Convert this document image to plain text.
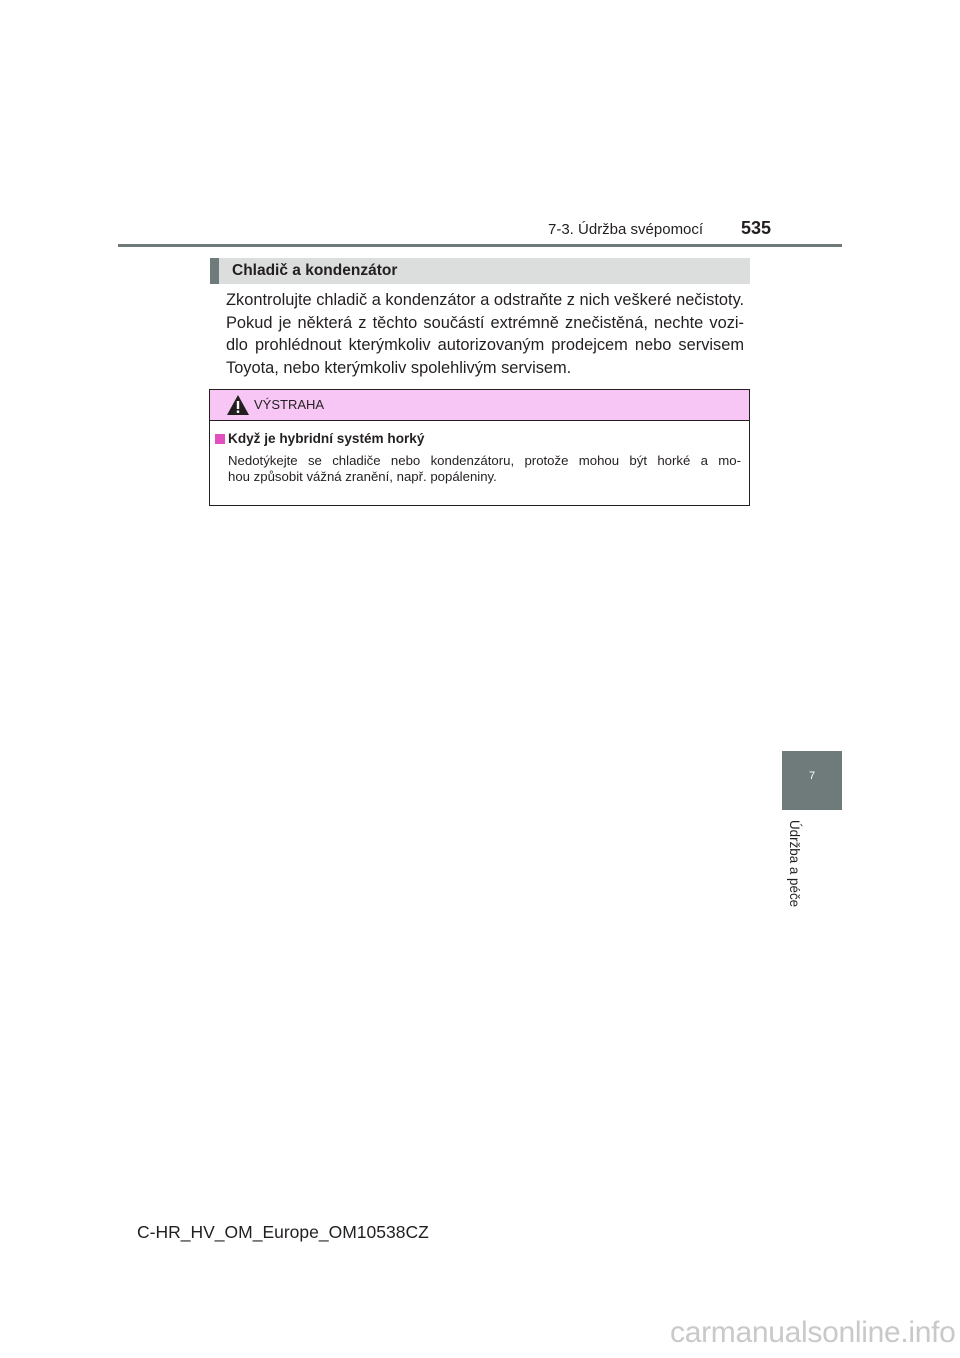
7-3. Údržba svépomocí 535
Chladič a kondenzátor
Zkontrolujte chladič a kondenzátor a odstraňte z nich veškeré nečistoty.
Pokud je některá z těchto součástí extrémně znečistěná, nechte vozi-
dlo prohlédnout kterýmkoliv autorizovaným prodejcem nebo servisem
Toyota, nebo kterýmkoliv spolehlivým servisem.
VÝSTRAHA
Když je hybridní systém horký
Nedotýkejte se chladiče nebo kondenzátoru, protože mohou být horké a mo-
hou způsobit vážná zranění, např. popáleniny.
7
Údržba a péče
C-HR_HV_OM_Europe_OM10538CZ
carmanualsonline.info
